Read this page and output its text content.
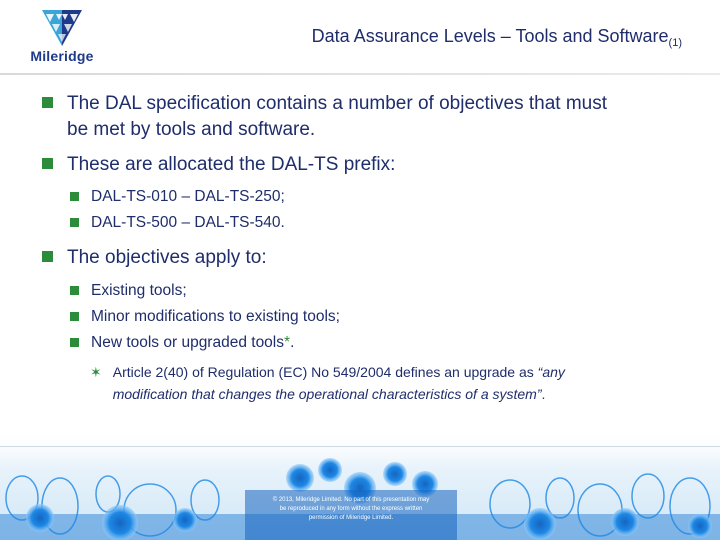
Mileridge
Data Assurance Levels – Tools and Software$_{(1)}$
The DAL specification contains a number of objectives that must
be met by tools and software.
These are allocated the DAL-TS prefix:
DAL-TS-010 – DAL-TS-250;
DAL-TS-500 – DAL-TS-540.
The objectives apply to:
Existing tools;
Minor modifications to existing tools;
New tools or upgraded tools*.
✶ Article 2(40) of Regulation (EC) No 549/2004 defines an upgrade as “any
modification that changes the operational characteristics of a system”.
© 2013, Mileridge Limited. No part of this presentation may
be reproduced in any form without the express written
permission of Mileridge Limited.
